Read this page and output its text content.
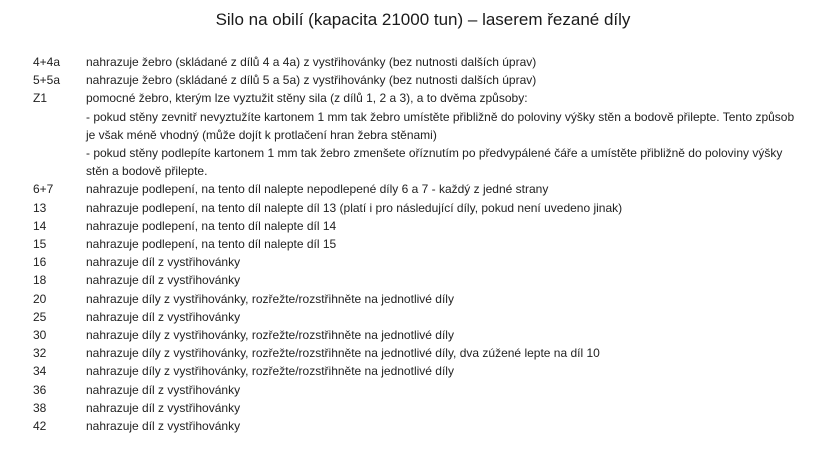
Silo na obilí (kapacita 21000 tun) – laserem řezané díly
4+4a	nahrazuje žebro (skládané z dílů 4 a 4a) z vystřihovánky (bez nutnosti dalších úprav)
5+5a	nahrazuje žebro (skládané z dílů 5 a 5a) z vystřihovánky (bez nutnosti dalších úprav)
Z1	pomocné žebro, kterým lze vyztužit stěny sila (z dílů 1, 2 a 3), a to dvěma způsoby:
- pokud stěny zevnitř nevyztužíte kartonem 1 mm tak žebro umístěte přibližně do poloviny výšky stěn a bodově přilepte. Tento způsob je však méně vhodný (může dojít k protlačení hran žebra stěnami)
- pokud stěny podlepíte kartonem 1 mm tak žebro zmenšete oříznutím po předvypálené čáře a umístěte přibližně do poloviny výšky stěn a bodově přilepte.
6+7	nahrazuje podlepení, na tento díl nalepte nepodlepené díly 6 a 7 - každý z jedné strany
13	nahrazuje podlepení, na tento díl nalepte díl 13 (platí i pro následující díly, pokud není uvedeno jinak)
14	nahrazuje podlepení, na tento díl nalepte díl 14
15	nahrazuje podlepení, na tento díl nalepte díl 15
16	nahrazuje díl z vystřihovánky
18	nahrazuje díl z vystřihovánky
20	nahrazuje díly z vystřihovánky, rozřežte/rozstřihněte na jednotlivé díly
25	nahrazuje díl z vystřihovánky
30	nahrazuje díly z vystřihovánky, rozřežte/rozstřihněte na jednotlivé díly
32	nahrazuje díly z vystřihovánky, rozřežte/rozstřihněte na jednotlivé díly, dva zúžené lepte na díl 10
34	nahrazuje díly z vystřihovánky, rozřežte/rozstřihněte na jednotlivé díly
36	nahrazuje díl z vystřihovánky
38	nahrazuje díl z vystřihovánky
42	nahrazuje díl z vystřihovánky
